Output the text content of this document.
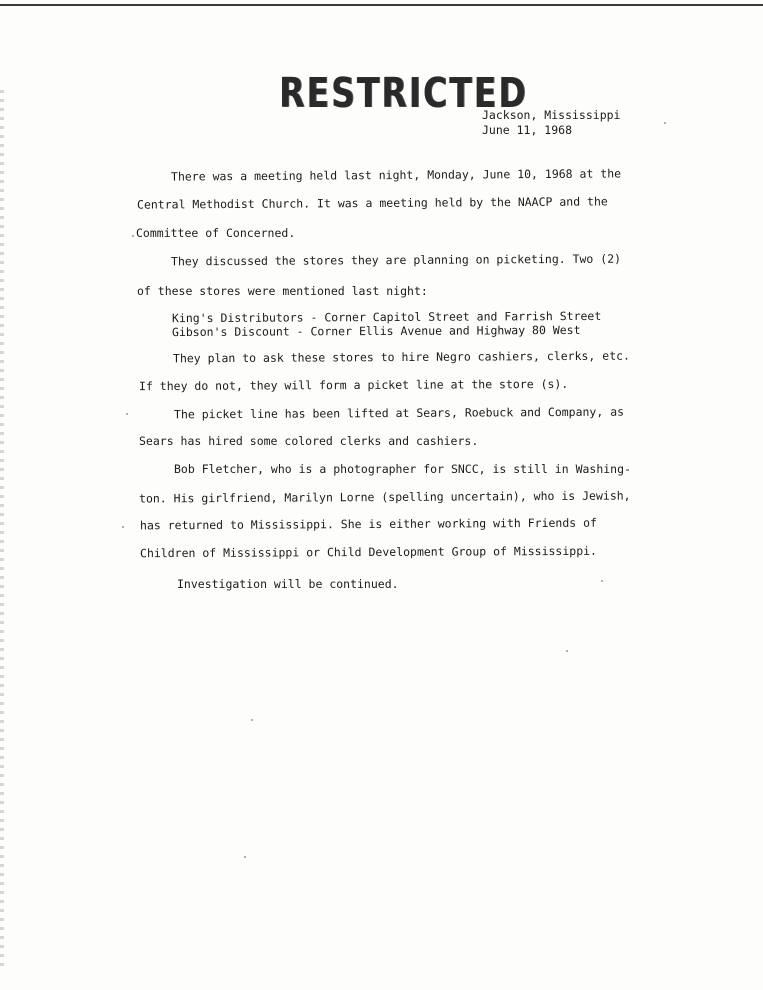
RESTRICTED
Jackson, Mississippi
June 11, 1968
There was a meeting held last night, Monday, June 10, 1968 at the
Central Methodist Church. It was a meeting held by the NAACP and the
Committee of Concerned.
They discussed the stores they are planning on picketing. Two (2)
of these stores were mentioned last night:
King's Distributors - Corner Capitol Street and Farrish Street
Gibson's Discount - Corner Ellis Avenue and Highway 80 West
They plan to ask these stores to hire Negro cashiers, clerks, etc.
If they do not, they will form a picket line at the store (s).
The picket line has been lifted at Sears, Roebuck and Company, as
Sears has hired some colored clerks and cashiers.
Bob Fletcher, who is a photographer for SNCC, is still in Washing-
ton. His girlfriend, Marilyn Lorne (spelling uncertain), who is Jewish,
has returned to Mississippi. She is either working with Friends of
Children of Mississippi or Child Development Group of Mississippi.
Investigation will be continued.
